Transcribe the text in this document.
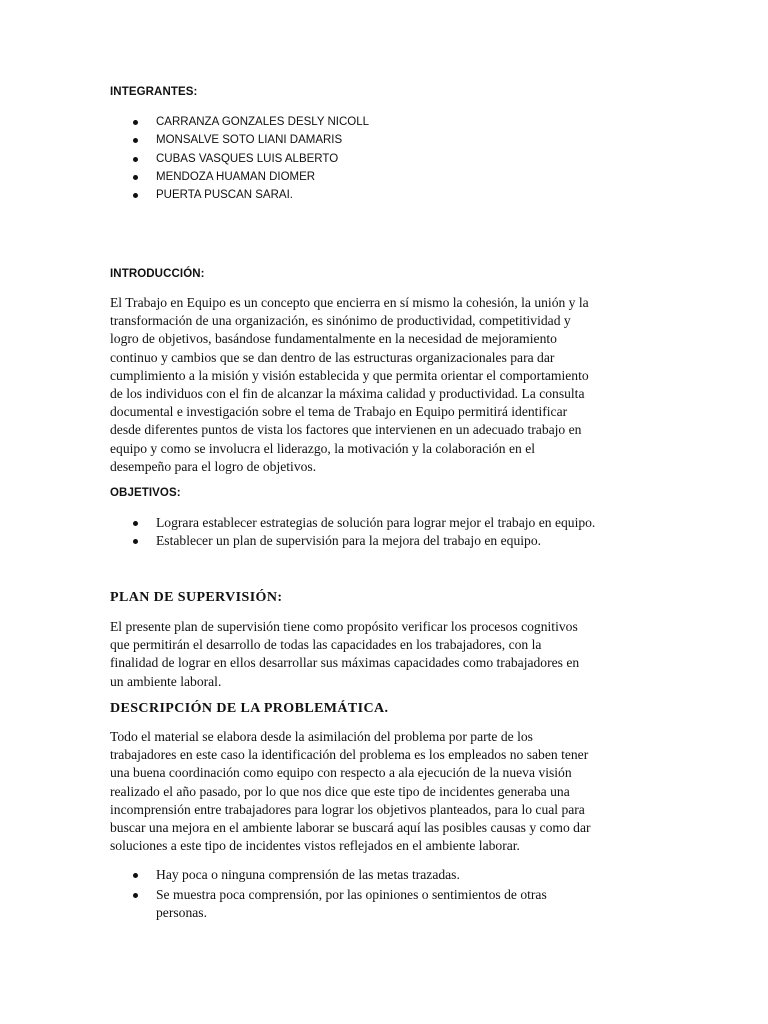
INTEGRANTES:
CARRANZA GONZALES DESLY NICOLL
MONSALVE SOTO LIANI DAMARIS
CUBAS VASQUES LUIS ALBERTO
MENDOZA HUAMAN DIOMER
PUERTA PUSCAN SARAI.
INTRODUCCIÓN:

El Trabajo en Equipo es un concepto que encierra en sí mismo la cohesión, la unión y la
transformación de una organización, es sinónimo de productividad, competitividad y
logro de objetivos, basándose fundamentalmente en la necesidad de mejoramiento
continuo y cambios que se dan dentro de las estructuras organizacionales para dar
cumplimiento a la misión y visión establecida y que permita orientar el comportamiento
de los individuos con el fin de alcanzar la máxima calidad y productividad. La consulta
documental e investigación sobre el tema de Trabajo en Equipo permitirá identificar
desde diferentes puntos de vista los factores que intervienen en un adecuado trabajo en
equipo y como se involucra el liderazgo, la motivación y la colaboración en el
desempeño para el logro de objetivos.

OBJETIVOS:
Lograra establecer estrategias de solución para lograr mejor el trabajo en equipo.
Establecer un plan de supervisión para la mejora del trabajo en equipo.
PLAN DE SUPERVISIÓN:

El presente plan de supervisión tiene como propósito verificar los procesos cognitivos
que permitirán el desarrollo de todas las capacidades en los trabajadores, con la
finalidad de lograr en ellos desarrollar sus máximas capacidades como trabajadores en
un ambiente laboral.

DESCRIPCIÓN DE LA PROBLEMÁTICA.

Todo el material se elabora desde la asimilación del problema por parte de los
trabajadores en este caso la identificación del problema es los empleados no saben tener
una buena coordinación como equipo con respecto a ala ejecución de la nueva visión
realizado el año pasado, por lo que nos dice que este tipo de incidentes generaba una
incomprensión entre trabajadores para lograr los objetivos planteados, para lo cual para
buscar una mejora en el ambiente laborar se buscará aquí las posibles causas y como dar
soluciones a este tipo de incidentes vistos reflejados en el ambiente laborar.

Hay poca o ninguna comprensión de las metas trazadas.
Se muestra poca comprensión, por las opiniones o sentimientos de otras
personas.
